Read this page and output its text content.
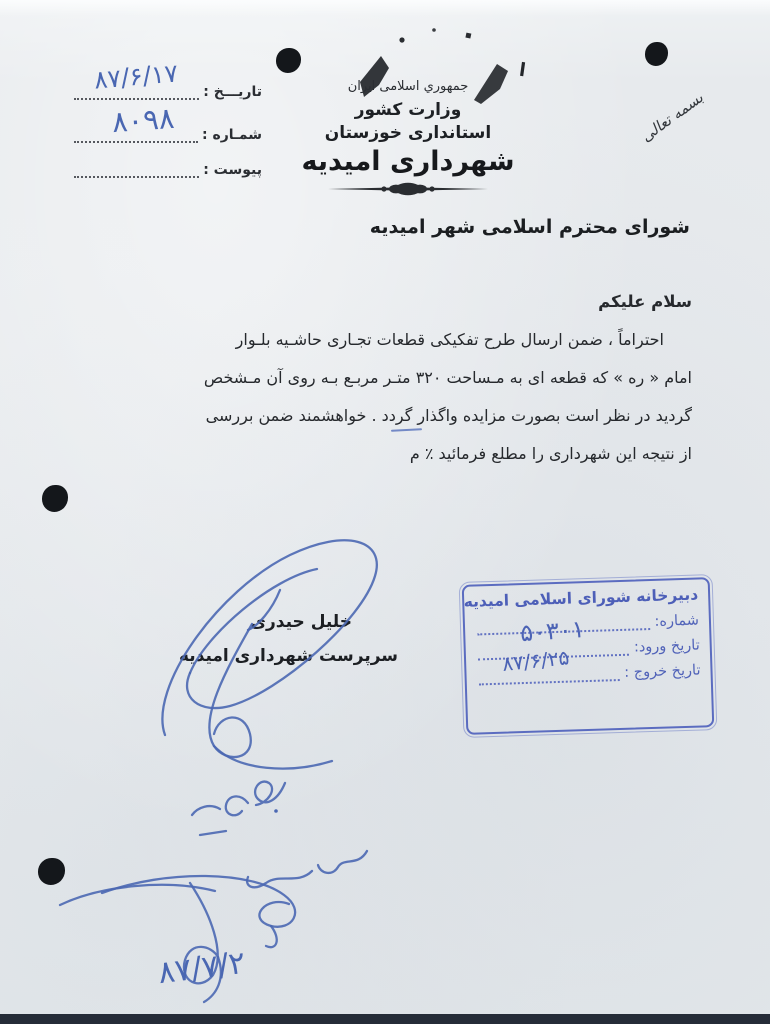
جمهوري اسلامی ايران
وزارت كشور
استانداری خوزستان
شهرداری امیدیه
تاریـــخ :
شمـاره :
پیوست :
۸۷/۶/۱۷
۸۰۹۸	بسمه تعالی
شورای محترم اسلامی شهر امیدیه
سلام علیکم
احتراماً ، ضمن ارسال طرح تفکیکی قطعات تجـاری حاشـیه بلـوار
امام « ره » که قطعه ای به مـساحت ۳۲۰ متـر مربـع بـه روی آن مـشخص
گردید در نظر است بصورت مزایده واگذار گردد . خواهشمند ضمن بررسی
از نتیجه این شهرداری را مطلع فرمائید ٪ م
خلیل حیدری
سرپرست شهرداری امیدیه
دبیرخانه شورای اسلامی امیدیه
شماره:
تاریخ ورود:
تاریخ خروج :
۵۰۳۰۱
۸۷/۶/۲۵
۸۷/۷/۲
